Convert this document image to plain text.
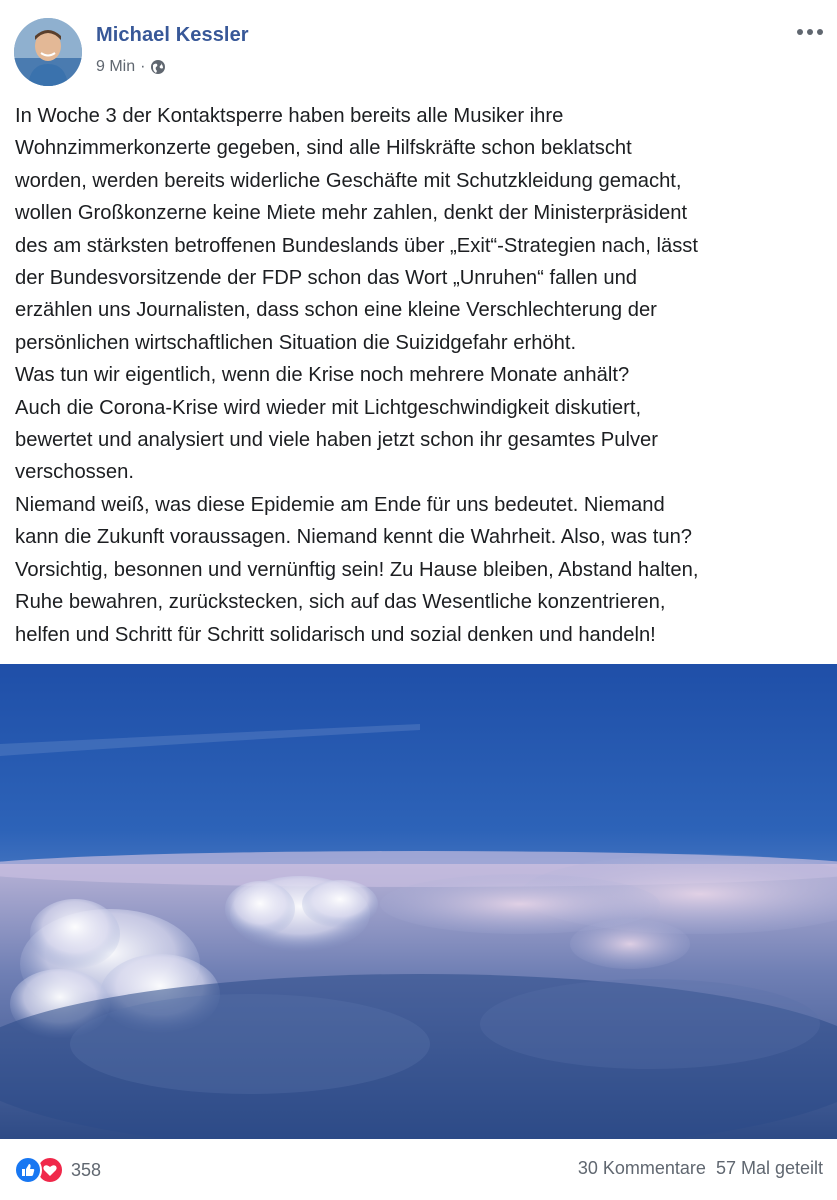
Michael Kessler
9 Min ·
In Woche 3 der Kontaktsperre haben bereits alle Musiker ihre
Wohnzimmerkonzerte gegeben, sind alle Hilfskräfte schon beklatscht
worden, werden bereits widerliche Geschäfte mit Schutzkleidung gemacht,
wollen Großkonzerne keine Miete mehr zahlen, denkt der Ministerpräsident
des am stärksten betroffenen Bundeslands über „Exit“-Strategien nach, lässt
der Bundesvorsitzende der FDP schon das Wort „Unruhen“ fallen und
erzählen uns Journalisten, dass schon eine kleine Verschlechterung der
persönlichen wirtschaftlichen Situation die Suizidgefahr erhöht.
Was tun wir eigentlich, wenn die Krise noch mehrere Monate anhält?
Auch die Corona-Krise wird wieder mit Lichtgeschwindigkeit diskutiert,
bewertet und analysiert und viele haben jetzt schon ihr gesamtes Pulver
verschossen.
Niemand weiß, was diese Epidemie am Ende für uns bedeutet. Niemand
kann die Zukunft voraussagen. Niemand kennt die Wahrheit. Also, was tun?
Vorsichtig, besonnen und vernünftig sein! Zu Hause bleiben, Abstand halten,
Ruhe bewahren, zurückstecken, sich auf das Wesentliche konzentrieren,
helfen und Schritt für Schritt solidarisch und sozial denken und handeln!
358	30 Kommentare 57 Mal geteilt
